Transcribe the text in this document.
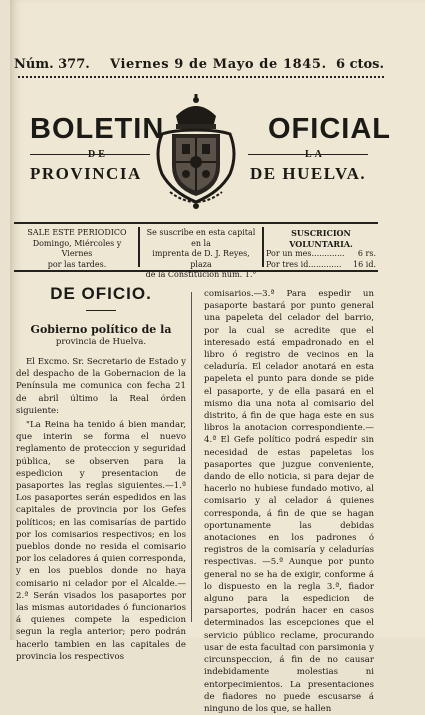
Núm. 377. Viernes 9 de Mayo de 1845. 6 ctos.
BOLETIN	OFICIAL
PROVINCIA	DE HUELVA.
SALE ESTE PERIODICO
Domingo, Miércoles y Viernes
por las tardes.
Se suscribe en esta capital en la
imprenta de D. J. Reyes, plaza
de la Constitucion núm. 1.°
SUSCRICION VOLUNTARIA.
Por un mes............. 6 rs.
Por tres id............. 16 id.
DE OFICIO.
Gobierno político de la
provincia de Huelva.

El Excmo. Sr. Secretario de Estado y del despacho de la Gobernacion de la Península me comunica con fecha 21 de abril último la Real órden siguiente:

"La Reina ha tenido á bien mandar, que interin se forma el nuevo reglamento de proteccion y seguridad pública, se observen para la espedicion y presentacion de pasaportes las reglas siguientes.—1.ª Los pasaportes serán espedidos en las capitales de provincia por los Gefes políticos; en las comisarías de partido por los comisarios respectivos; en los pueblos donde no resida el comisario por los celadores á quien corresponda, y en los pueblos donde no haya comisario ni celador por el Alcalde.—2.ª Serán visados los pasaportes por las mismas autoridades ó funcionarios á quienes compete la espedicion segun la regla anterior; pero podrán hacerlo tambien en las capitales de provincia los respectivos

comisarios.—3.ª Para espedir un pasaporte bastará por punto general una papeleta del celador del barrio, por la cual se acredite que el interesado está empadronado en el libro ó registro de vecinos en la celaduría. El celador anotará en esta papeleta el punto para donde se pide el pasaporte, y de ella pasará en el mismo dia una nota al comisario del distrito, á fin de que haga este en sus libros la anotacion correspondiente.—4.ª El Gefe político podrá espedir sin necesidad de estas papeletas los pasaportes que juzgue conveniente, dando de ello noticia, si para dejar de hacerlo no hubiese fundado motivo, al comisario y al celador á quienes corresponda, á fin de que se hagan oportunamente las debidas anotaciones en los padrones ó registros de la comisaría y celadurías respectivas. —5.ª Aunque por punto general no se ha de exigir, conforme á lo dispuesto en la regla 3.ª, fiador alguno para la espedicion de parsaportes, podrán hacer en casos determinados las escepciones que el servicio público reclame, procurando usar de esta facultad con parsimonia y circunspeccion, á fin de no causar indebidamente molestias ni entorpecimientos. La presentaciones de fiadores no puede escusarse á ninguno de los que, se hallen
